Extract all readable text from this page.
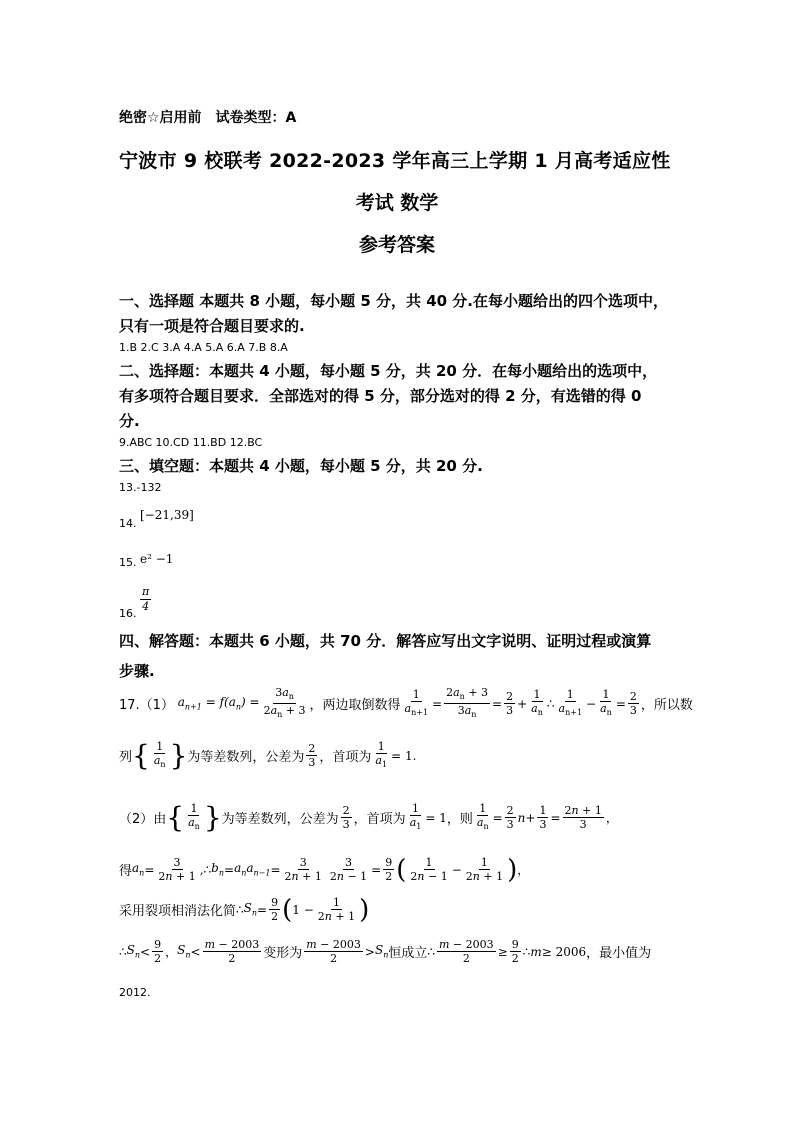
绝密☆启用前　试卷类型：A
宁波市 9 校联考 2022-2023 学年高三上学期 1 月高考适应性
考试 数学
参考答案
一、选择题 本题共 8 小题，每小题 5 分，共 40 分.在每小题给出的四个选项中，
只有一项是符合题目要求的.
1.B 2.C 3.A 4.A 5.A 6.A 7.B 8.A
二、选择题：本题共 4 小题，每小题 5 分，共 20 分．在每小题给出的选项中，
有多项符合题目要求．全部选对的得 5 分，部分选对的得 2 分，有选错的得 0
分.
9.ABC 10.CD 11.BD 12.BC
三、填空题：本题共 4 小题，每小题 5 分，共 20 分.
13.-132
14. [−21,39]
15. e² −1
16. $\frac{\pi}{4}$
四、解答题：本题共 6 小题，共 70 分．解答应写出文字说明、证明过程或演算
步骤.
17.（1） $a_{n+1} = f(a_n) = \frac{3a_n}{2a_n + 3}$ ，两边取倒数得 $\frac{1}{a_{n+1}} = \frac{2a_n + 3}{3a_n} = \frac{2}{3} + \frac{1}{a_n}$ ∴ $\frac{1}{a_{n+1}} - \frac{1}{a_n} = \frac{2}{3}$ ，所以数
列 { $\frac{1}{a_n}$ } 为等差数列，公差为 $\frac{2}{3}$ ，首项为 $\frac{1}{a_1} = 1$.
（2）由 { $\frac{1}{a_n}$ } 为等差数列，公差为 $\frac{2}{3}$ ，首项为 $\frac{1}{a_1} = 1$ ，则 $\frac{1}{a_n} = \frac{2}{3}$ $n + \frac{1}{3} = \frac{2n + 1}{3}$ ，
得 $a_n = \frac{3}{2n + 1}$ ,∴ $b_n = a_na_{n-1} = \frac{3}{2n + 1} \frac{3}{2n - 1} = \frac{9}{2}$ ( $\frac{1}{2n - 1} - \frac{1}{2n + 1}$ ) ，
采用裂项相消法化简 ∴ $S_n = \frac{9}{2}$ ( $1 - \frac{1}{2n + 1}$ )
∴ $S_n < \frac{9}{2}$ ， $S_n < \frac{m - 2003}{2}$ 变形为 $\frac{m - 2003}{2} > S_n$ 恒成立 ∴ $\frac{m - 2003}{2} \ge \frac{9}{2}$ ∴ m ≥ 2006 ，最小值为
2012.
